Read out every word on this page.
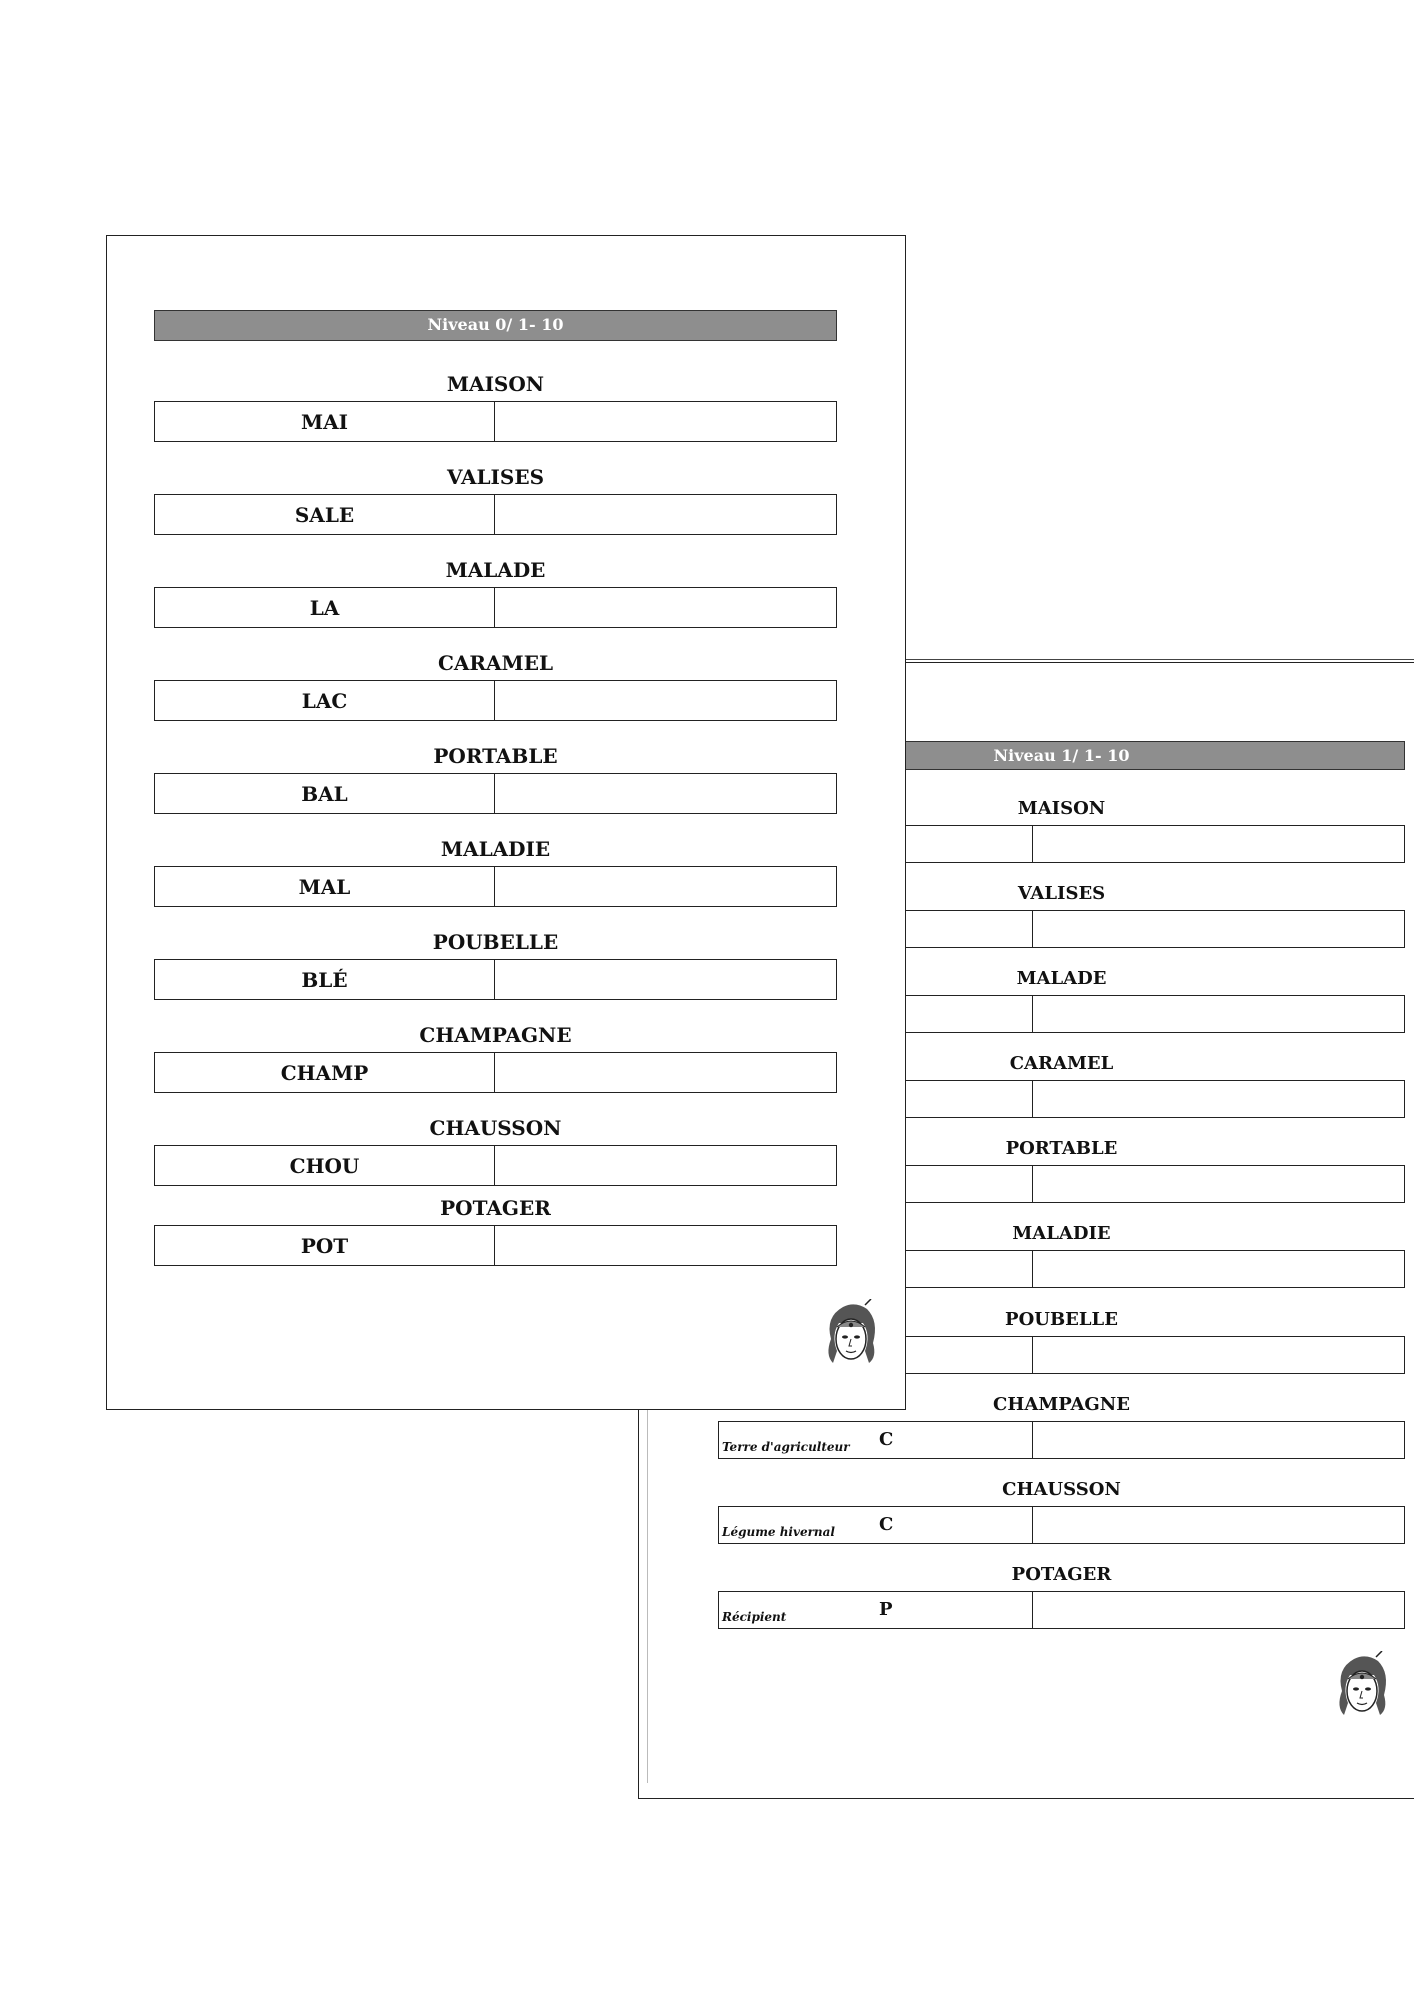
Niveau 1/ 1- 10
MAISON
VALISES
MALADE
CARAMEL
PORTABLE
MALADIE
POUBELLE
CHAMPAGNE
Terre d'agriculteur C
CHAUSSON
Légume hivernal C
POTAGER
Récipient	P
Niveau 0/ 1- 10
MAISON
MAI
VALISES
SALE
MALADE
LA
CARAMEL
LAC
PORTABLE
BAL
MALADIE
MAL
POUBELLE
BLÉ
CHAMPAGNE
CHAMP
CHAUSSON
CHOU
POTAGER
POT
